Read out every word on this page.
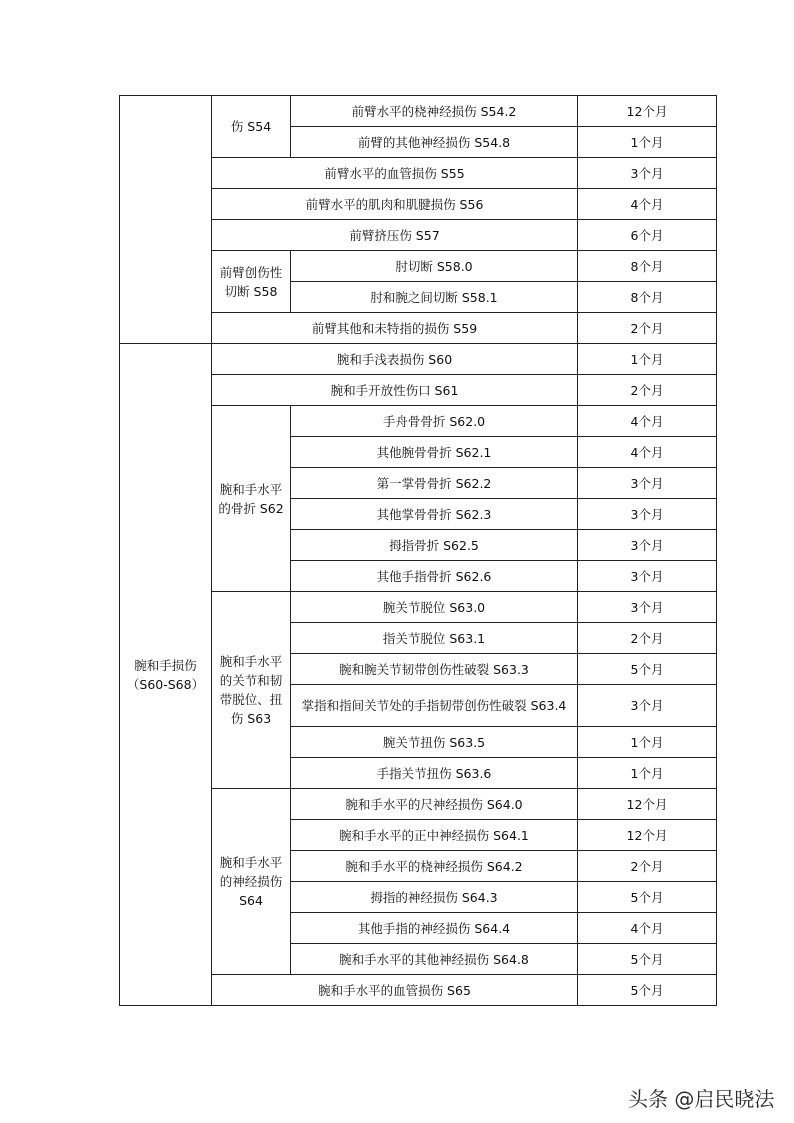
	伤 S54	前臂水平的桡神经损伤 S54.2	12个月
		前臂的其他神经损伤 S54.8	1个月
	前臂水平的血管损伤 S55		3个月
	前臂水平的肌肉和肌腱损伤 S56		4个月
	前臂挤压伤 S57		6个月
	前臂创伤性切断 S58	肘切断 S58.0	8个月
		肘和腕之间切断 S58.1	8个月
	前臂其他和未特指的损伤 S59		2个月
腕和手损伤（S60-S68）	腕和手浅表损伤 S60		1个月
	腕和手开放性伤口 S61		2个月
	腕和手水平的骨折 S62	手舟骨骨折 S62.0	4个月
		其他腕骨骨折 S62.1	4个月
		第一掌骨骨折 S62.2	3个月
		其他掌骨骨折 S62.3	3个月
		拇指骨折 S62.5	3个月
		其他手指骨折 S62.6	3个月
	腕和手水平的关节和韧带脱位、扭伤 S63	腕关节脱位 S63.0	3个月
		指关节脱位 S63.1	2个月
		腕和腕关节韧带创伤性破裂 S63.3	5个月
		掌指和指间关节处的手指韧带创伤性破裂 S63.4	3个月
		腕关节扭伤 S63.5	1个月
		手指关节扭伤 S63.6	1个月
	腕和手水平的神经损伤 S64	腕和手水平的尺神经损伤 S64.0	12个月
		腕和手水平的正中神经损伤 S64.1	12个月
		腕和手水平的桡神经损伤 S64.2	2个月
		拇指的神经损伤 S64.3	5个月
		其他手指的神经损伤 S64.4	4个月
		腕和手水平的其他神经损伤 S64.8	5个月
	腕和手水平的血管损伤 S65		5个月
头条 @启民晓法
